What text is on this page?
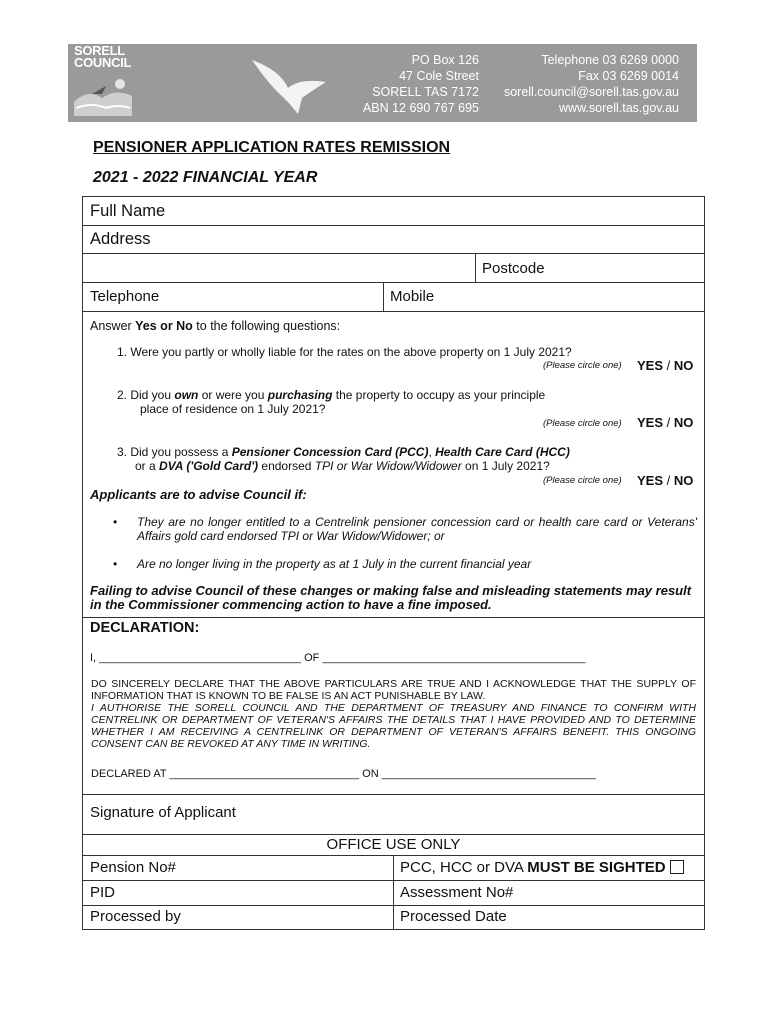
SORELL
COUNCIL	PO Box 126
47 Cole Street
SORELL TAS 7172
ABN 12 690 767 695
Telephone 03 6269 0000
Fax 03 6269 0014
sorell.council@sorell.tas.gov.au
www.sorell.tas.gov.au
PENSIONER APPLICATION RATES REMISSION
2021 - 2022 FINANCIAL YEAR
Full Name
Address
Postcode
Telephone	Mobile
Answer Yes or No to the following questions:
1. Were you partly or wholly liable for the rates on the above property on 1 July 2021?
(Please circle one) YES / NO
2. Did you own or were you purchasing the property to occupy as your principle
place of residence on 1 July 2021?
(Please circle one) YES / NO
3. Did you possess a Pensioner Concession Card (PCC), Health Care Card (HCC)
or a DVA ('Gold Card') endorsed TPI or War Widow/Widower on 1 July 2021?
(Please circle one) YES / NO
Applicants are to advise Council if:
• They are no longer entitled to a Centrelink pensioner concession card or health care card or Veterans' Affairs gold card endorsed TPI or War Widow/Widower; or
• Are no longer living in the property as at 1 July in the current financial year
Failing to advise Council of these changes or making false and misleading statements may result in the Commissioner commencing action to have a fine imposed.
DECLARATION:
I, _________________________________ OF ___________________________________________
DO SINCERELY DECLARE THAT THE ABOVE PARTICULARS ARE TRUE AND I ACKNOWLEDGE THAT THE SUPPLY OF INFORMATION THAT IS KNOWN TO BE FALSE IS AN ACT PUNISHABLE BY LAW.
I AUTHORISE THE SORELL COUNCIL AND THE DEPARTMENT OF TREASURY AND FINANCE TO CONFIRM WITH CENTRELINK OR DEPARTMENT OF VETERAN'S AFFAIRS THE DETAILS THAT I HAVE PROVIDED AND TO DETERMINE WHETHER I AM RECEIVING A CENTRELINK OR DEPARTMENT OF VETERAN'S AFFAIRS BENEFIT. THIS ONGOING CONSENT CAN BE REVOKED AT ANY TIME IN WRITING.
DECLARED AT _______________________________ ON ___________________________________
Signature of Applicant
OFFICE USE ONLY
Pension No#	PCC, HCC or DVA MUST BE SIGHTED
PID	Assessment No#
Processed by	Processed Date
